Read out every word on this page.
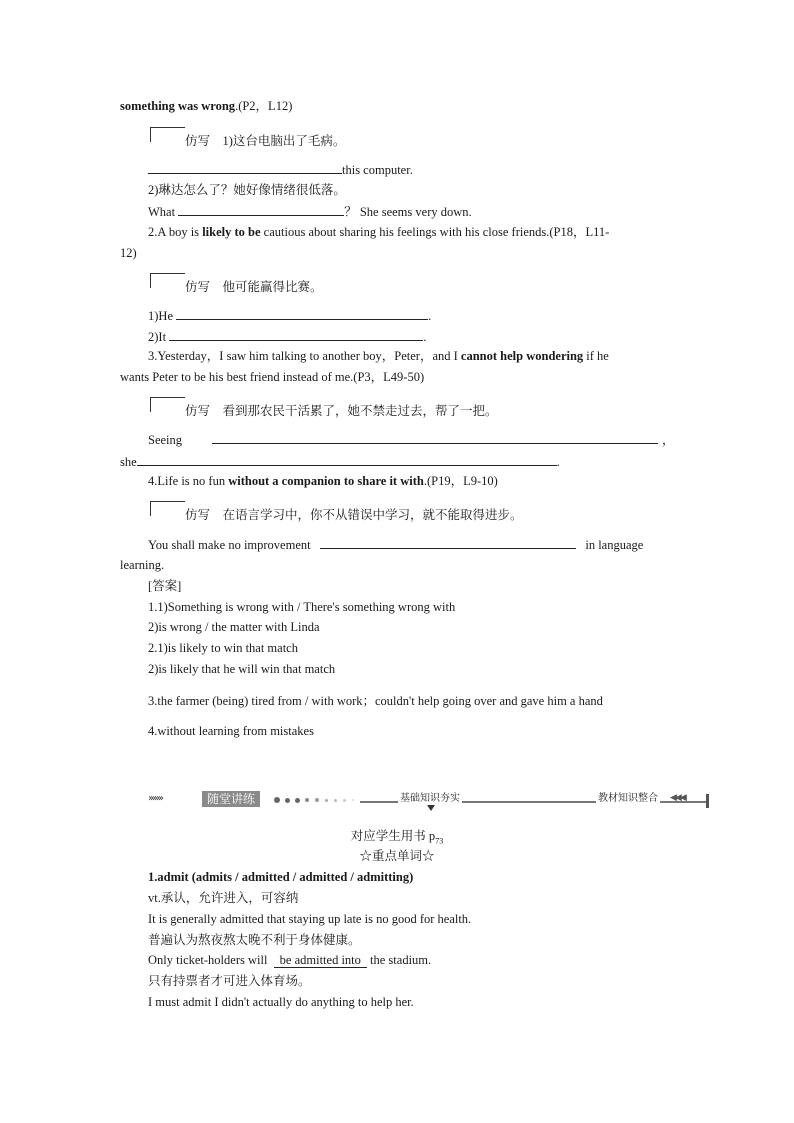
something was wrong.(P2，L12)
仿写 1)这台电脑出了毛病。
this computer.
2)琳达怎么了？她好像情绪很低落。
What	？ She seems very down.
2.A boy is likely to be cautious about sharing his feelings with his close friends.(P18，L11-
12)
仿写 他可能赢得比赛。
1)He	.
2)It	.
3.Yesterday，I saw him talking to another boy，Peter，and I cannot help wondering if he
wants Peter to be his best friend instead of me.(P3，L49-50)
仿写 看到那农民干活累了，她不禁走过去，帮了一把。
Seeing	，
she	.
4.Life is no fun without a companion to share it with.(P19，L9-10)
仿写 在语言学习中，你不从错误中学习，就不能取得进步。
You shall make no improvement	in language
learning.
[答案]
1.1)Something is wrong with / There's something wrong with
2)is wrong / the matter with Linda
2.1)is likely to win that match
2)is likely that he will win that match
3.the farmer (being) tired from / with work；couldn't help going over and gave him a hand
4.without learning from mistakes
›››››››	随堂讲练	基础知识夯实	教材知识整合 ◀◀◀
对应学生用书 $p_{73}$
☆重点单词☆
1.admit (admits / admitted / admitted / admitting)
vt.承认，允许进入，可容纳
It is generally admitted that staying up late is no good for health.
普遍认为熬夜熬太晚不利于身体健康。
Only ticket-holders will be admitted into the stadium.
只有持票者才可进入体育场。
I must admit I didn't actually do anything to help her.
